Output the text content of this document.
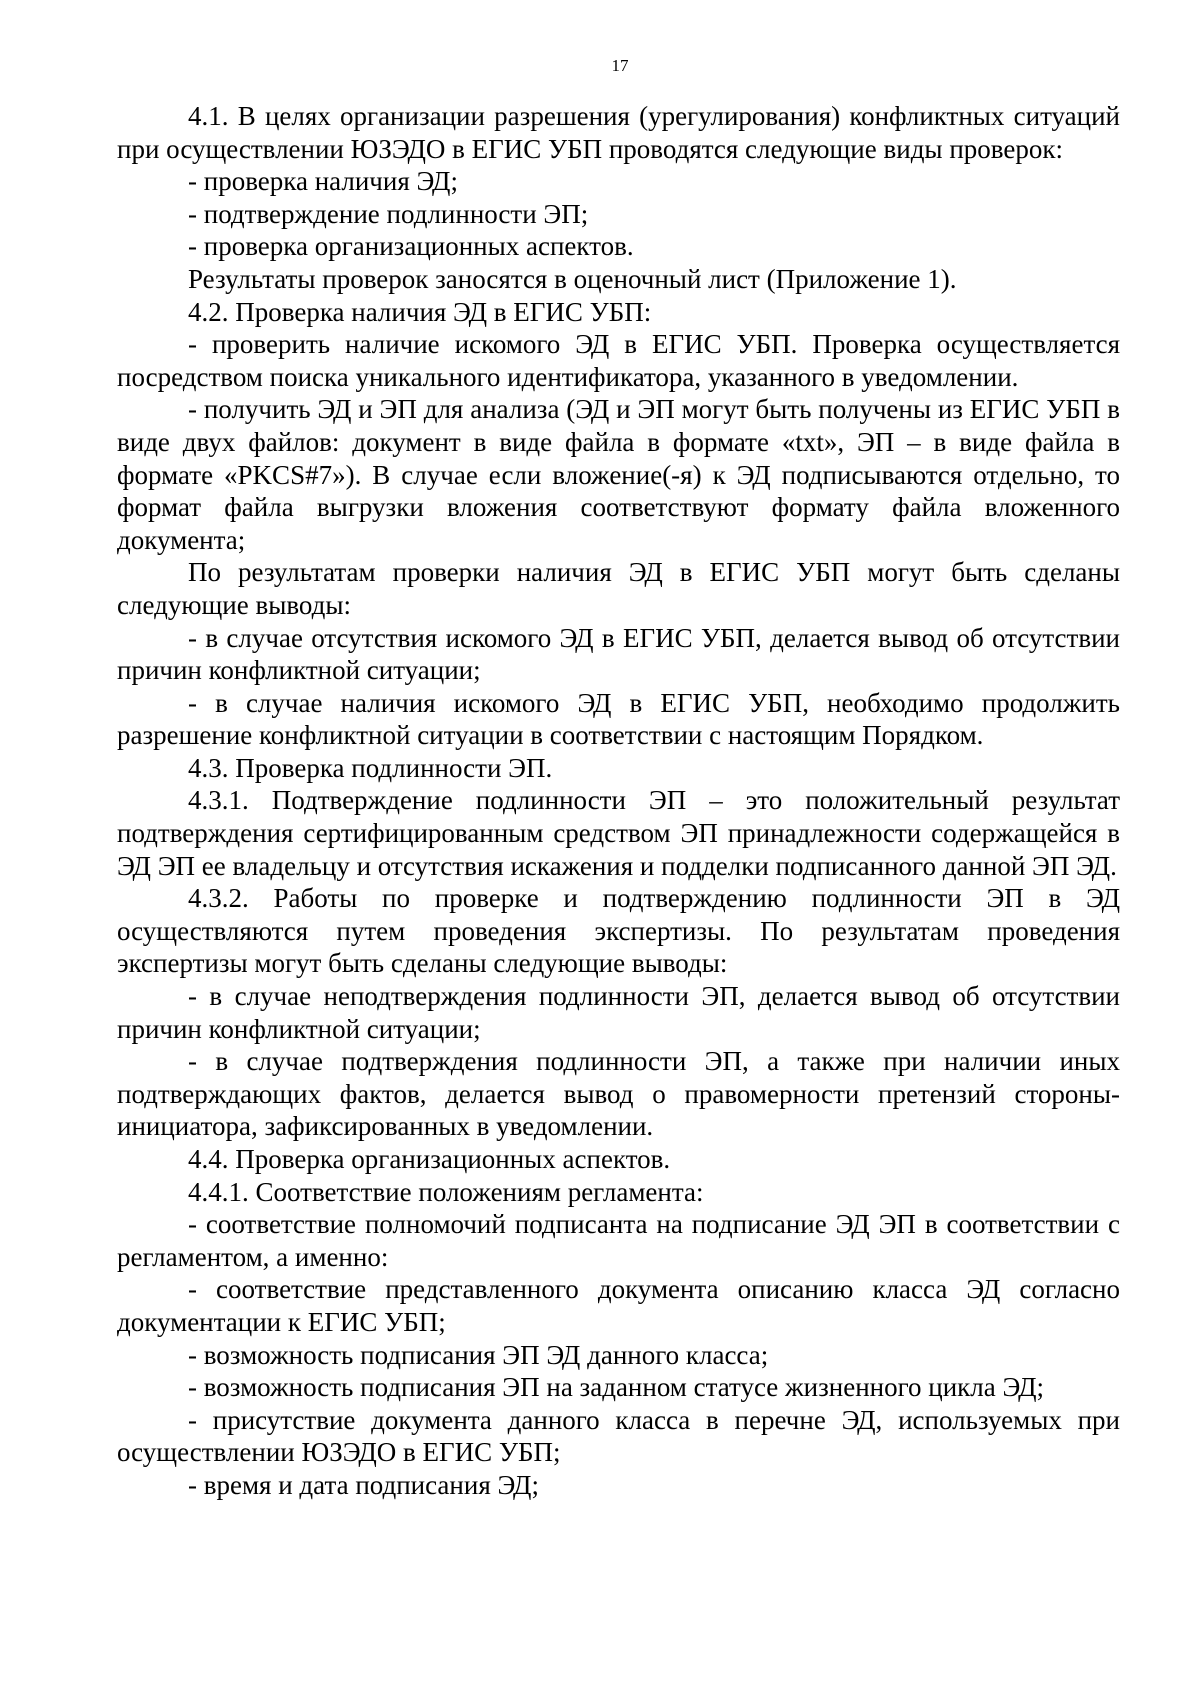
17

4.1. В целях организации разрешения (урегулирования) конфликтных ситуаций при осуществлении ЮЗЭДО в ЕГИС УБП проводятся следующие виды проверок:

- проверка наличия ЭД;

- подтверждение подлинности ЭП;

- проверка организационных аспектов.

Результаты проверок заносятся в оценочный лист (Приложение 1).

4.2. Проверка наличия ЭД в ЕГИС УБП:

- проверить наличие искомого ЭД в ЕГИС УБП. Проверка осуществляется посредством поиска уникального идентификатора, указанного в уведомлении.

- получить ЭД и ЭП для анализа (ЭД и ЭП могут быть получены из ЕГИС УБП в виде двух файлов: документ в виде файла в формате «txt», ЭП – в виде файла в формате «PKCS#7»). В случае если вложение(-я) к ЭД подписываются отдельно, то формат файла выгрузки вложения соответствуют формату файла вложенного документа;

По результатам проверки наличия ЭД в ЕГИС УБП могут быть сделаны следующие выводы:

- в случае отсутствия искомого ЭД в ЕГИС УБП, делается вывод об отсутствии причин конфликтной ситуации;

- в случае наличия искомого ЭД в ЕГИС УБП, необходимо продолжить разрешение конфликтной ситуации в соответствии с настоящим Порядком.

4.3. Проверка подлинности ЭП.

4.3.1. Подтверждение подлинности ЭП – это положительный результат подтверждения сертифицированным средством ЭП принадлежности содержащейся в ЭД ЭП ее владельцу и отсутствия искажения и подделки подписанного данной ЭП ЭД.

4.3.2. Работы по проверке и подтверждению подлинности ЭП в ЭД осуществляются путем проведения экспертизы. По результатам проведения экспертизы могут быть сделаны следующие выводы:

- в случае неподтверждения подлинности ЭП, делается вывод об отсутствии причин конфликтной ситуации;

- в случае подтверждения подлинности ЭП, а также при наличии иных подтверждающих фактов, делается вывод о правомерности претензий стороны-инициатора, зафиксированных в уведомлении.

4.4. Проверка организационных аспектов.

4.4.1. Соответствие положениям регламента:

- соответствие полномочий подписанта на подписание ЭД ЭП в соответствии с регламентом, а именно:

- соответствие представленного документа описанию класса ЭД согласно документации к ЕГИС УБП;

- возможность подписания ЭП ЭД данного класса;

- возможность подписания ЭП на заданном статусе жизненного цикла ЭД;

- присутствие документа данного класса в перечне ЭД, используемых при осуществлении ЮЗЭДО в ЕГИС УБП;

- время и дата подписания ЭД;
